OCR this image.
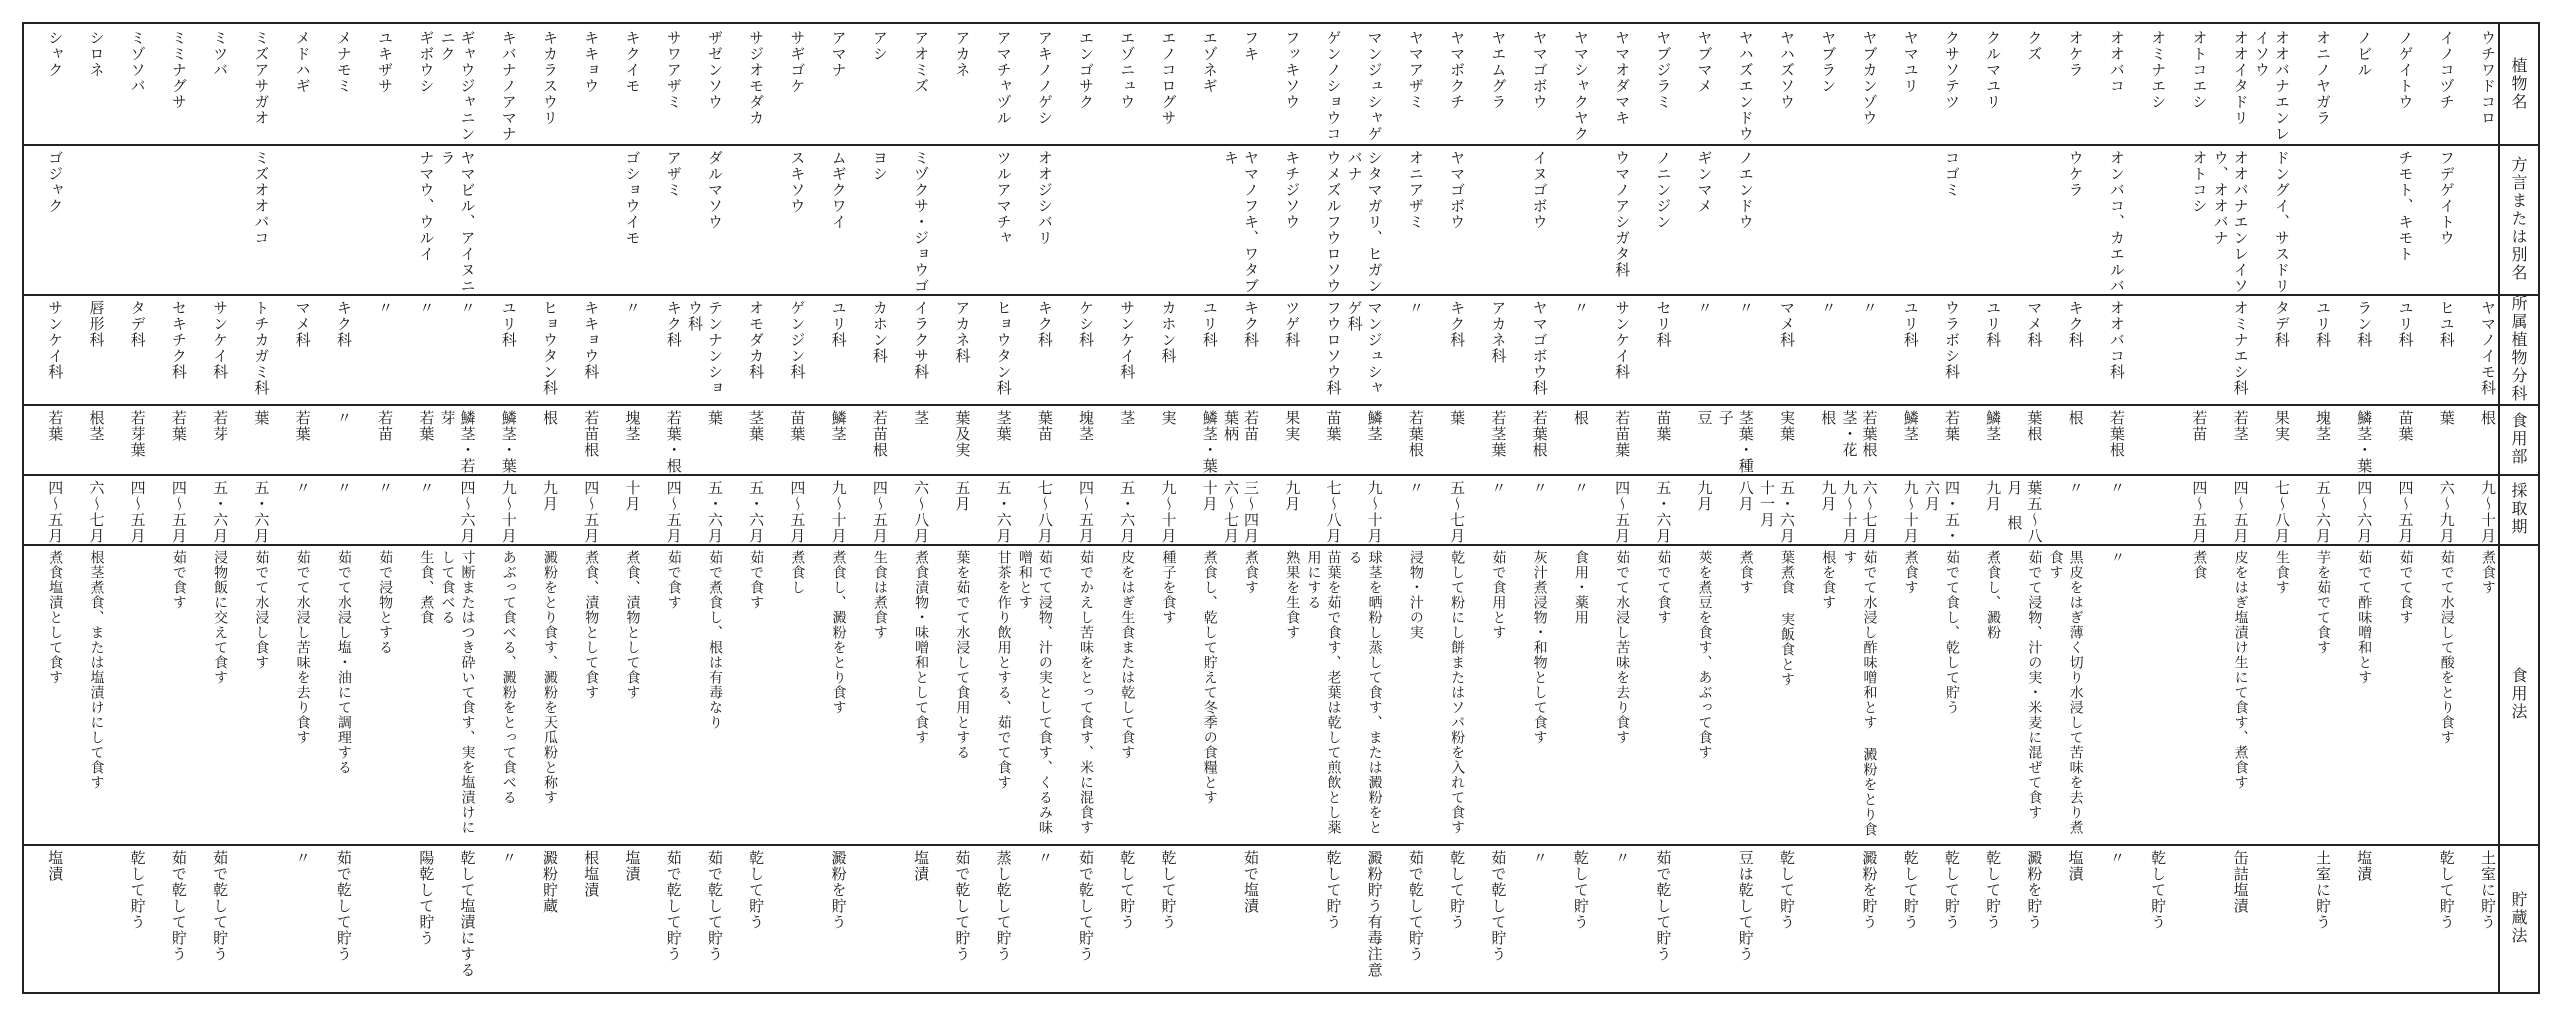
植物名
方言または別名
所属植物分科
食用部
採取期
食用法
貯蔵法
ウチワドコロ
ヤマノイモ科
根
九〜十月
煮食す
土室に貯う
イノコヅチ
フデゲイトウ
ヒユ科
葉
六〜九月
茹でて水浸して酸をとり食す
乾して貯う
ノゲイトウ
チモト、キモト
ユリ科
苗葉
四〜五月
茹でて食す
ノビル
ラン科
鱗茎・葉
四〜六月
茹でて酢味噌和とす
塩漬
オニノヤガラ
ユリ科
塊茎
五〜六月
芋を茹でて食す
土室に貯う
オオバナエンレイソウ
ドングイ、サスドリ
タデ科
果実
七〜八月
生食す
オオイタドリ
オオバナエンレイソウ、オオバナ
オミナエシ科
若茎
四〜五月
皮をはぎ塩漬け生にて食す、煮食す
缶詰塩漬
オトコエシ
オトコシ
若苗
四〜五月
煮食
オミナエシ
乾して貯う
オオバコ
オンバコ、カエルバ
オオバコ科
若葉根
〃
〃
〃
オケラ
ウケラ
キク科
根
〃
黒皮をはぎ薄く切り水浸して苦味を去り煮食す
塩漬
クズ
マメ科
葉根
葉五〜八月 根
茹でて浸物、汁の実・米麦に混ぜて食す
澱粉を貯う
クルマユリ
ユリ科
鱗茎
九月
煮食し、澱粉
乾して貯う
クサソテツ
コゴミ
ウラボシ科
若葉
四・五・六月
茹でて食し、乾して貯う
乾して貯う
ヤマユリ
ユリ科
鱗茎
九〜十月
煮食す
乾して貯う
ヤブカンゾウ
〃
若葉根茎・花
六〜七月 九〜十月
茹でて水浸し酢味噌和とす 澱粉をとり食す
澱粉を貯う
ヤブラン
〃
根
九月
根を食す
ヤハズソウ
マメ科
実葉
五・六月 十一月
葉煮食 実飯食とす
乾して貯う
ヤハズエンドウ
ノエンドウ
〃
茎葉・種子
八月
煮食す
豆は乾して貯う
ヤブマメ
ギンマメ
〃
豆
九月
莢を煮豆を食す、あぶって食す
ヤブジラミ
ノニンジン
セリ科
苗葉
五・六月
茹でて食す
茹で乾して貯う
ヤマオダマキ
ウマノアシガタ科
サンケイ科
若苗葉
四〜五月
茹でて水浸し苦味を去り食す
〃
ヤマシャクヤク
〃
根
〃
食用・薬用
乾して貯う
ヤマゴボウ
イヌゴボウ
ヤマゴボウ科
若葉根
〃
灰汁煮浸物・和物として食す
〃
ヤエムグラ
アカネ科
若茎葉
〃
茹で食用とす
茹で乾して貯う
ヤマボクチ
ヤマゴボウ
キク科
葉
五〜七月
乾して粉にし餅またはソバ粉を入れて食す
乾して貯う
ヤマアザミ
オニアザミ
〃
若葉根
〃
浸物・汁の実
茹で乾して貯う
マンジュシャゲ
シタマガリ、ヒガンバナ
マンジュシャゲ科
鱗茎
九〜十月
球茎を晒粉し蒸して食す、または澱粉をとる
澱粉貯う有毒注意
ゲンノショウコ
ウメズルフウロソウ
フウロソウ科
苗葉
七〜八月
苗葉を茹で食す、老葉は乾して煎飲とし薬用にする
乾して貯う
フッキソウ
キチジソウ
ツゲ科
果実
九月
熟果を生食す
フキ
ヤマノフキ、ワタブキ
キク科
若苗 葉柄
三〜四月 六〜七月
煮食す
茹で塩漬
エゾネギ
ユリ科
鱗茎・葉
十月
煮食し、乾して貯えて冬季の食糧とす
エノコログサ
カホン科
実
九〜十月
種子を食す
乾して貯う
エゾニュウ
サンケイ科
茎
五・六月
皮をはぎ生食または乾して食す
乾して貯う
エンゴサク
ケシ科
塊茎
四〜五月
茹でかえし苦味をとって食す、米に混食す
茹で乾して貯う
アキノノゲシ
オオジシバリ
キク科
葉苗
七〜八月
茹でて浸物、汁の実として食す、くるみ味噌和とす
〃
アマチャヅル
ツルアマチャ
ヒョウタン科
茎葉
五・六月
甘茶を作り飲用とする、茹でて食す
蒸し乾して貯う
アカネ
アカネ科
葉及実
五月
葉を茹でて水浸して食用とする
茹で乾して貯う
アオミズ
ミヅクサ・ジョウゴ
イラクサ科
茎
六〜八月
煮食漬物・味噌和として食す
塩漬
アシ
ヨシ
カホン科
若苗根
四〜五月
生食は煮食す
アマナ
ムギクワイ
ユリ科
鱗茎
九〜十月
煮食し、澱粉をとり食す
澱粉を貯う
サギゴケ
スキソウ
ゲンジン科
苗葉
四〜五月
煮食し
サジオモダカ
オモダカ科
茎葉
五・六月
茹で食す
乾して貯う
ザゼンソウ
ダルマソウ
テンナンショウ科
葉
五・六月
茹で煮食し、根は有毒なり
茹で乾して貯う
サワアザミ
アザミ
キク科
若葉・根
四〜五月
茹で食す
茹で乾して貯う
キクイモ
ゴショウイモ
〃
塊茎
十月
煮食、漬物として食す
塩漬
キキョウ
キキョウ科
若苗根
四〜五月
煮食、漬物として食す
根塩漬
キカラスウリ
ヒョウタン科
根
九月
澱粉をとり食す、澱粉を天瓜粉と称す
澱粉貯蔵
キバナノアマナ
ユリ科
鱗茎・葉
九〜十月
あぶって食べる、澱粉をとって食べる
〃
ギャウジャニンニク
ヤマビル、アイヌニラ
〃
鱗茎・若芽
四〜六月
寸断またはつき砕いて食す、実を塩漬けにして食べる
乾して塩漬にする
ギボウシ
ナマウ、ウルイ
〃
若葉
〃
生食、煮食
陽乾して貯う
ユキザサ
〃
若苗
〃
茹で浸物とする
メナモミ
キク科
〃
〃
茹でて水浸し塩・油にて調理する
茹で乾して貯う
メドハギ
マメ科
若葉
〃
茹でて水浸し苦味を去り食す
〃
ミズアサガオ
ミズオオバコ
トチカガミ科
葉
五・六月
茹でて水浸し食す
ミツバ
サンケイ科
若芽
五・六月
浸物飯に交えて食す
茹で乾して貯う
ミミナグサ
セキチク科
若葉
四〜五月
茹で食す
茹で乾して貯う
ミゾソバ
タデ科
若芽葉
四〜五月
乾して貯う
シロネ
唇形科
根茎
六〜七月
根茎煮食、または塩漬けにして食す
シャク
ゴジャク
サンケイ科
若葉
四〜五月
煮食塩漬として食す
塩漬
